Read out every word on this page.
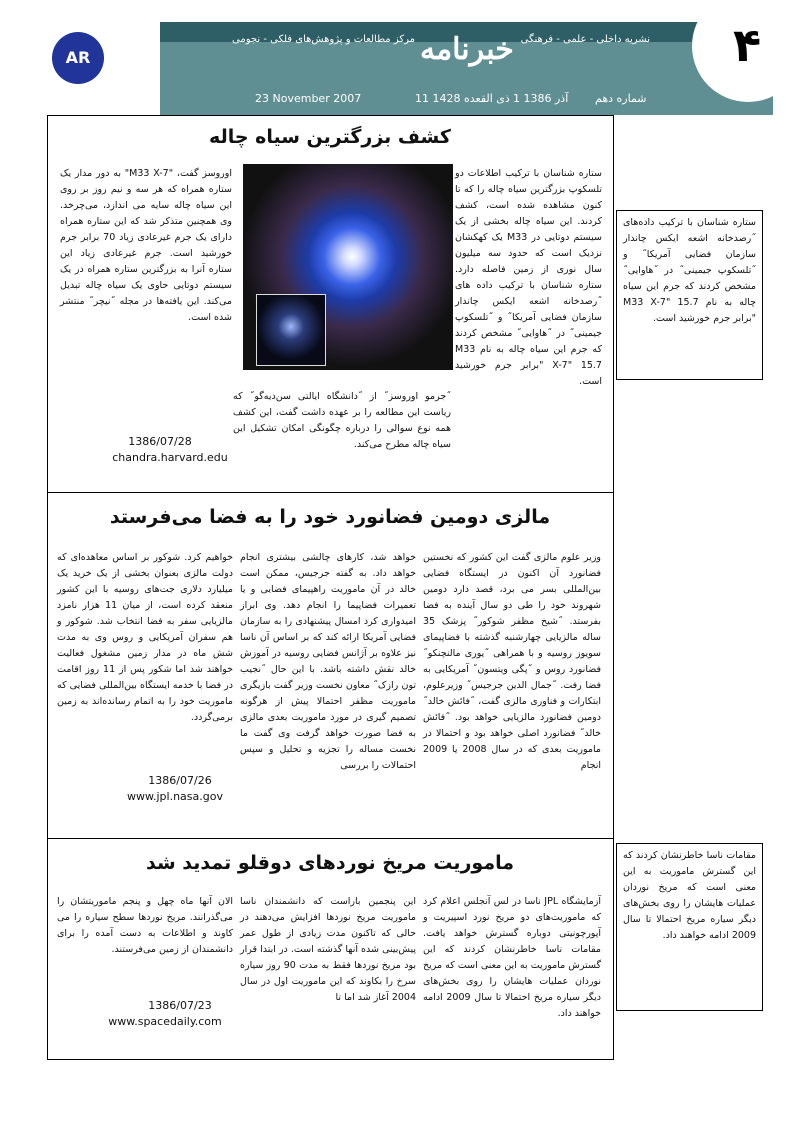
۴
نشریه داخلی - علمی - فرهنگی
خبرنامه
مرکز مطالعات و پژوهش‌های فلکی - نجومی
AR
شماره دهم
1 آذر 1386
11 ذی القعده 1428
23 November 2007
کشف بزرگترین سیاه چاله
ستاره شناسان با ترکیب اطلاعات دو تلسکوپ بزرگترین سیاه چاله را که تا کنون مشاهده شده است، کشف کردند. این سیاه چاله بخشی از یک سیستم دوتایی در M33 یک کهکشان نزدیک است که حدود سه میلیون سال نوری از زمین فاصله دارد. ستاره شناسان با ترکیب داده های ˝رصدخانه اشعه ایکس چاندار سازمان فضایی آمریکا˝ و ˝تلسکوپ جیمینی˝ در ˝هاوایی˝ مشخص کردند که جرم این سیاه چاله به نام M33 X-7" 15.7 "برابر جرم خورشید است.
اوروسز گفت، "M33 X-7" به دور مدار یک ستاره همراه که هر سه و نیم روز بر روی این سیاه چاله سایه می اندازد، می‌چرخد. وی همچنین متذکر شد که این ستاره همراه دارای یک جرم غیرعادی زیاد 70 برابر جرم خورشید است. جرم غیرعادی زیاد این ستاره آنرا به بزرگترین ستاره همراه در یک سیستم دوتایی حاوی یک سیاه چاله تبدیل می‌کند. این یافته‌ها در مجله ˝نیچر˝ منتشر شده است.
˝جرمو اوروسز˝ از ˝دانشگاه ایالتی سن‌دیه‌گو˝ که ریاست این مطالعه را بر عهده داشت گفت، این کشف همه نوع سوالی را درباره چگونگی امکان تشکیل این سیاه چاله مطرح می‌کند.
1386/07/28
chandra.harvard.edu
مالزی دومین فضانورد خود را به فضا می‌فرستد
وزیر علوم مالزی گفت این کشور که نخستین فضانورد آن اکنون در ایستگاه فضایی بین‌المللی بسر می برد، قصد دارد دومین شهروند خود را طی دو سال آینده به فضا بفرستد. ˝شیخ مظفر شوکور˝ پزشک 35 ساله مالزیایی چهارشنبه گذشته با فضاپیمای سویوز روسیه و با همراهی ˝یوری مالنچنکو˝ فضانورد روس و ˝پگی ویتسون˝ آمریکایی به فضا رفت. ˝جمال الدین جرجیس˝ وزیرعلوم، ابتکارات و فناوری مالزی گفت، ˝فائش خالد˝ دومین فضانورد مالزیایی خواهد بود. ˝فائش خالد˝ فضانورد اصلی خواهد بود و احتمالا در ماموریت بعدی که در سال 2008 یا 2009 انجام
خواهد شد، کارهای چالشی بیشتری انجام خواهد داد. به گفته جرجیس، ممکن است خالد در آن ماموریت راهپیمای فضایی و یا تعمیرات فضاپیما را انجام دهد. وی ابراز امیدواری کرد امسال پیشنهادی را به سازمان فضایی آمریکا ارائه کند که بر اساس آن ناسا نیز علاوه بر آژانس فضایی روسیه در آموزش خالد نقش داشته باشد. با این حال ˝نجیب تون رازک˝ معاون نخست وزیر گفت بازیگری ماموریت مظفر احتمالا پیش از هرگونه تصمیم گیری در مورد ماموریت بعدی مالزی به فضا صورت خواهد گرفت وی گفت ما نخست مساله را تجزیه و تحلیل و سپس احتمالات را بررسی
خواهیم کرد. شوکور بر اساس معاهده‌ای که دولت مالزی بعنوان بخشی از یک خرید یک میلیارد دلاری جت‌های روسیه با این کشور منعقد کرده است، از میان 11 هزار نامزد مالزیایی سفر به فضا انتخاب شد. شوکور و هم سفران آمریکایی و روس وی به مدت شش ماه در مدار زمین مشغول فعالیت خواهند شد اما شکور پس از 11 روز اقامت در فضا با خدمه ایستگاه بین‌المللی فضایی که ماموریت خود را به اتمام رسانده‌اند به زمین برمی‌گردد.
1386/07/26
www.jpl.nasa.gov
ماموریت مریخ نوردهای دوقلو تمدید شد
آزمایشگاه JPL ناسا در لس آنجلس اعلام کرد که ماموریت‌های دو مریخ نورد اسپیریت و آپورچونیتی دوباره گسترش خواهد یافت. مقامات ناسا خاطرنشان کردند که این گسترش ماموریت به این معنی است که مریخ نوردان عملیات هایشان را روی بخش‌های دیگر سیاره مریخ احتمالا تا سال 2009 ادامه خواهند داد.
این پنجمین باراست که دانشمندان ناسا ماموریت مریخ نوردها افزایش می‌دهند در حالی که تاکنون مدت زیادی از طول عمر پیش‌بینی شده آنها گذشته است. در ابتدا قرار بود مریخ نوردها فقط به مدت 90 روز سیاره سرخ را بکاوند که این ماموریت اول در سال 2004 آغاز شد اما تا
الان آنها ماه چهل و پنجم ماموریتشان را می‌گذرانند. مریخ نوردها سطح سیاره را می کاوند و اطلاعات به دست آمده را برای دانشمندان از زمین می‌فرستند.
1386/07/23
www.spacedaily.com
ستاره شناسان با ترکیب داده‌های ˝رصدخانه اشعه ایکس چاندار سازمان فضایی آمریکا˝ و ˝تلسکوپ جیمینی˝ در ˝هاوایی˝ مشخص کردند که جرم این سیاه چاله به نام M33 X-7" 15.7 "برابر جرم خورشید است.
مقامات ناسا خاطرنشان کردند که این گسترش ماموریت به این معنی است که مریخ نوردان عملیات هایشان را روی بخش‌های دیگر سیاره مریخ احتمالا تا سال 2009 ادامه خواهند داد.
